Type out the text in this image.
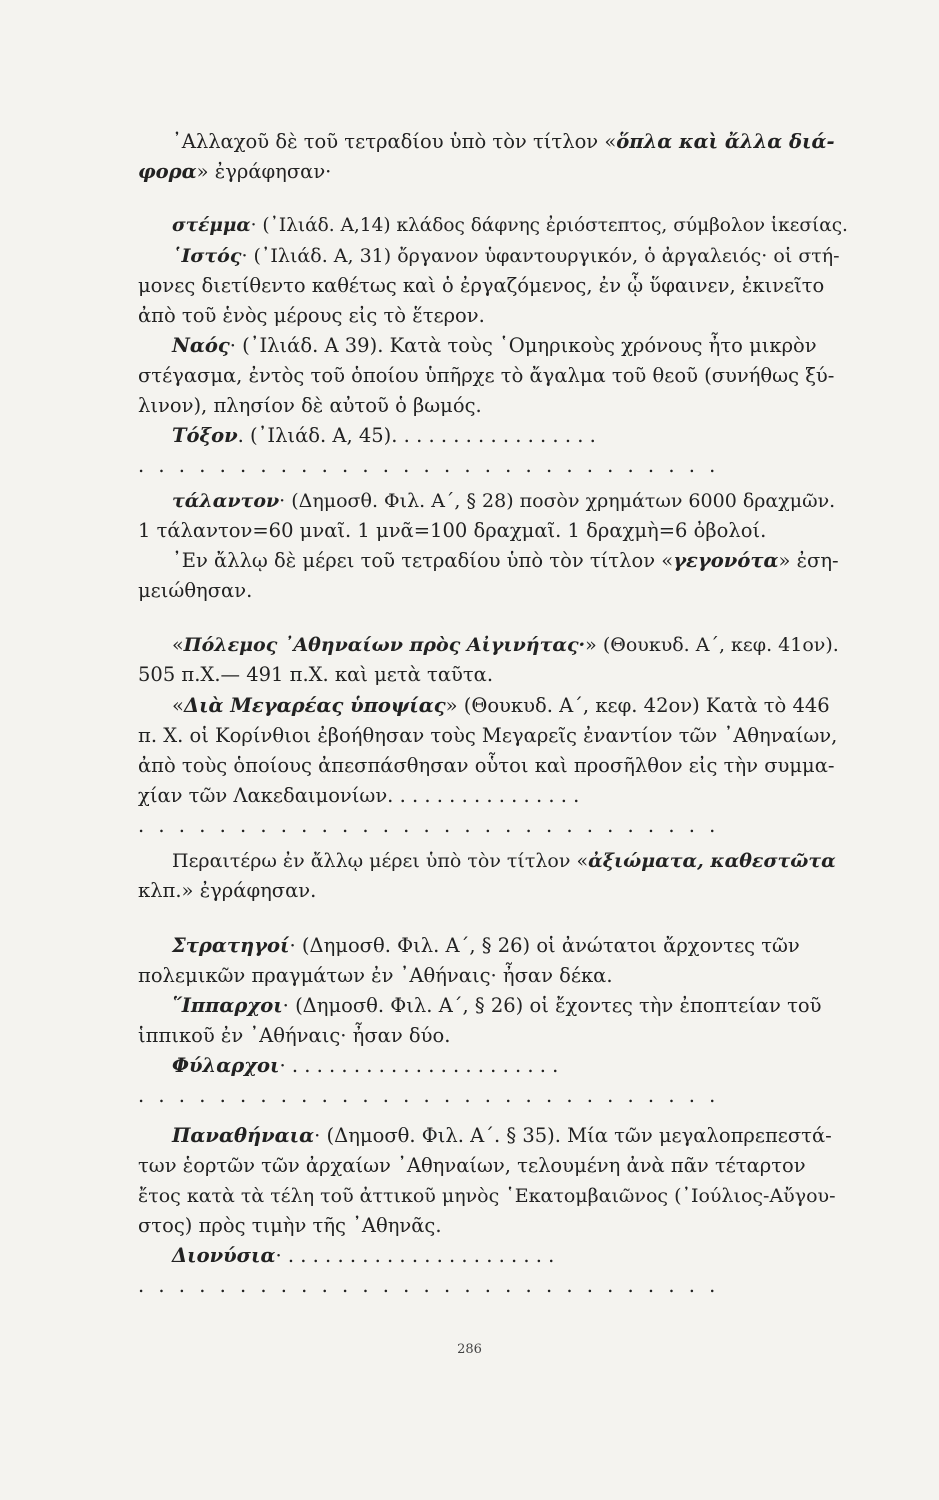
᾿Αλλαχοῦ δὲ τοῦ τετραδίου ὑπὸ τὸν τίτλον «ὅπλα καὶ ἄλλα διά-
φορα» ἐγράφησαν·
στέμμα· (᾿Ιλιάδ. Α,14) κλάδος δάφνης ἐριόστεπτος, σύμβολον ἱκεσίας.
῾Ιστός· (᾿Ιλιάδ. Α, 31) ὄργανον ὑφαντουργικόν, ὁ ἀργαλειός· οἱ στή-
μονες διετίθεντο καθέτως καὶ ὁ ἐργαζόμενος, ἐν ᾧ ὕφαινεν, ἐκινεῖτο
ἀπὸ τοῦ ἑνὸς μέρους εἰς τὸ ἕτερον.
Ναός· (᾿Ιλιάδ. Α 39). Κατὰ τοὺς ῾Ομηρικοὺς χρόνους ἦτο μικρὸν
στέγασμα, ἐντὸς τοῦ ὁποίου ὑπῆρχε τὸ ἄγαλμα τοῦ θεοῦ (συνήθως ξύ-
λινον), πλησίον δὲ αὐτοῦ ὁ βωμός.
Τόξον. (᾿Ιλιάδ. Α, 45). . . . . . . . . . . . . . . . .
. . . . . . . . . . . . . . . . . . . . . . . . . . . . .
τάλαντον· (Δημοσθ. Φιλ. Α΄, § 28) ποσὸν χρημάτων 6000 δραχμῶν.
1 τάλαντον=60 μναῖ. 1 μνᾶ=100 δραχμαῖ. 1 δραχμὴ=6 ὀβολοί.
᾿Εν ἄλλῳ δὲ μέρει τοῦ τετραδίου ὑπὸ τὸν τίτλον «γεγονότα» ἐση-
μειώθησαν.
«Πόλεμος ᾿Αθηναίων πρὸς Αἰγινήτας·» (Θουκυδ. Α΄, κεφ. 41ον).
505 π.Χ.— 491 π.Χ. καὶ μετὰ ταῦτα.
«Διὰ Μεγαρέας ὑποψίας» (Θουκυδ. Α΄, κεφ. 42ον) Κατὰ τὸ 446
π. Χ. οἱ Κορίνθιοι ἐβοήθησαν τοὺς Μεγαρεῖς ἐναντίον τῶν ᾿Αθηναίων,
ἀπὸ τοὺς ὁποίους ἀπεσπάσθησαν οὗτοι καὶ προσῆλθον εἰς τὴν συμμα-
χίαν τῶν Λακεδαιμονίων. . . . . . . . . . . . . . . .
. . . . . . . . . . . . . . . . . . . . . . . . . . . . .
Περαιτέρω ἐν ἄλλῳ μέρει ὑπὸ τὸν τίτλον «ἀξιώματα, καθεστῶτα
κλπ.» ἐγράφησαν.
Στρατηγοί· (Δημοσθ. Φιλ. Α΄, § 26) οἱ ἀνώτατοι ἄρχοντες τῶν
πολεμικῶν πραγμάτων ἐν ᾿Αθήναις· ἦσαν δέκα.
῞Ιππαρχοι· (Δημοσθ. Φιλ. Α΄, § 26) οἱ ἔχοντες τὴν ἐποπτείαν τοῦ
ἱππικοῦ ἐν ᾿Αθήναις· ἦσαν δύο.
Φύλαρχοι· . . . . . . . . . . . . . . . . . . . . . .
. . . . . . . . . . . . . . . . . . . . . . . . . . . . .
Παναθήναια· (Δημοσθ. Φιλ. Α΄. § 35). Μία τῶν μεγαλοπρεπεστά-
των ἑορτῶν τῶν ἀρχαίων ᾿Αθηναίων, τελουμένη ἀνὰ πᾶν τέταρτον
ἔτος κατὰ τὰ τέλη τοῦ ἀττικοῦ μηνὸς ῾Εκατομβαιῶνος (᾿Ιούλιος-Αὔγου-
στος) πρὸς τιμὴν τῆς ᾿Αθηνᾶς.
Διονύσια· . . . . . . . . . . . . . . . . . . . . . .
. . . . . . . . . . . . . . . . . . . . . . . . . . . . .
286
